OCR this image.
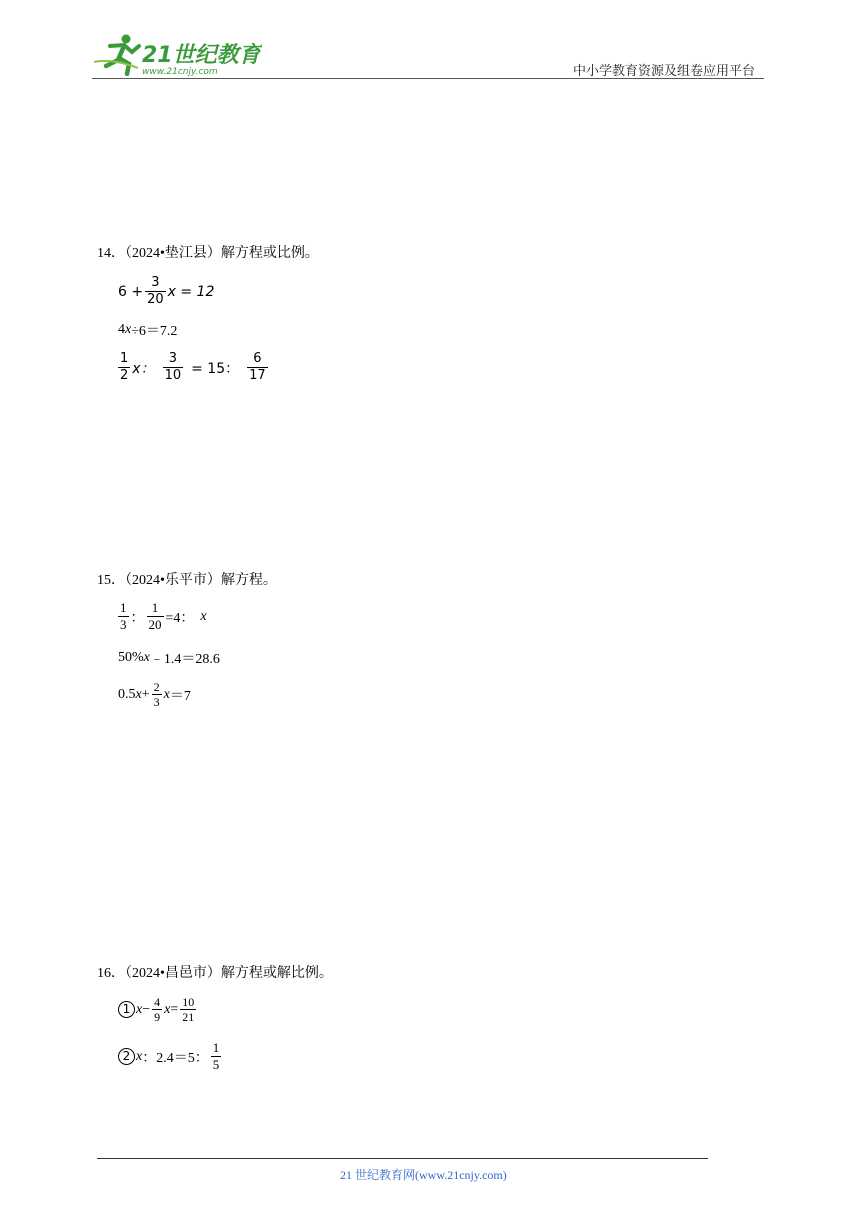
21世纪教育
www.21cnjy.com	中小学教育资源及组卷应用平台
14．（2024•垫江县）解方程或比例。
$6 + \frac{3}{20}$ x = 12
4 x ÷6＝7.2
$\frac{1}{2}$ x： $\frac{3}{10} = 15$： $\frac{6}{17}$
15．（2024•乐平市）解方程。
$\frac{1}{3}$ ： $\frac{1}{20} =4$： x
50% x ﹣1.4＝28.6
0.5 $x + \frac{2}{3}$ x ＝7
16．（2024•昌邑市）解方程或解比例。
1 $x - \frac{4}{9}$ $x = \frac{10}{21}$
2 x ：2.4＝5： $\frac{1}{5}$
21 世纪教育网(www.21cnjy.com)
